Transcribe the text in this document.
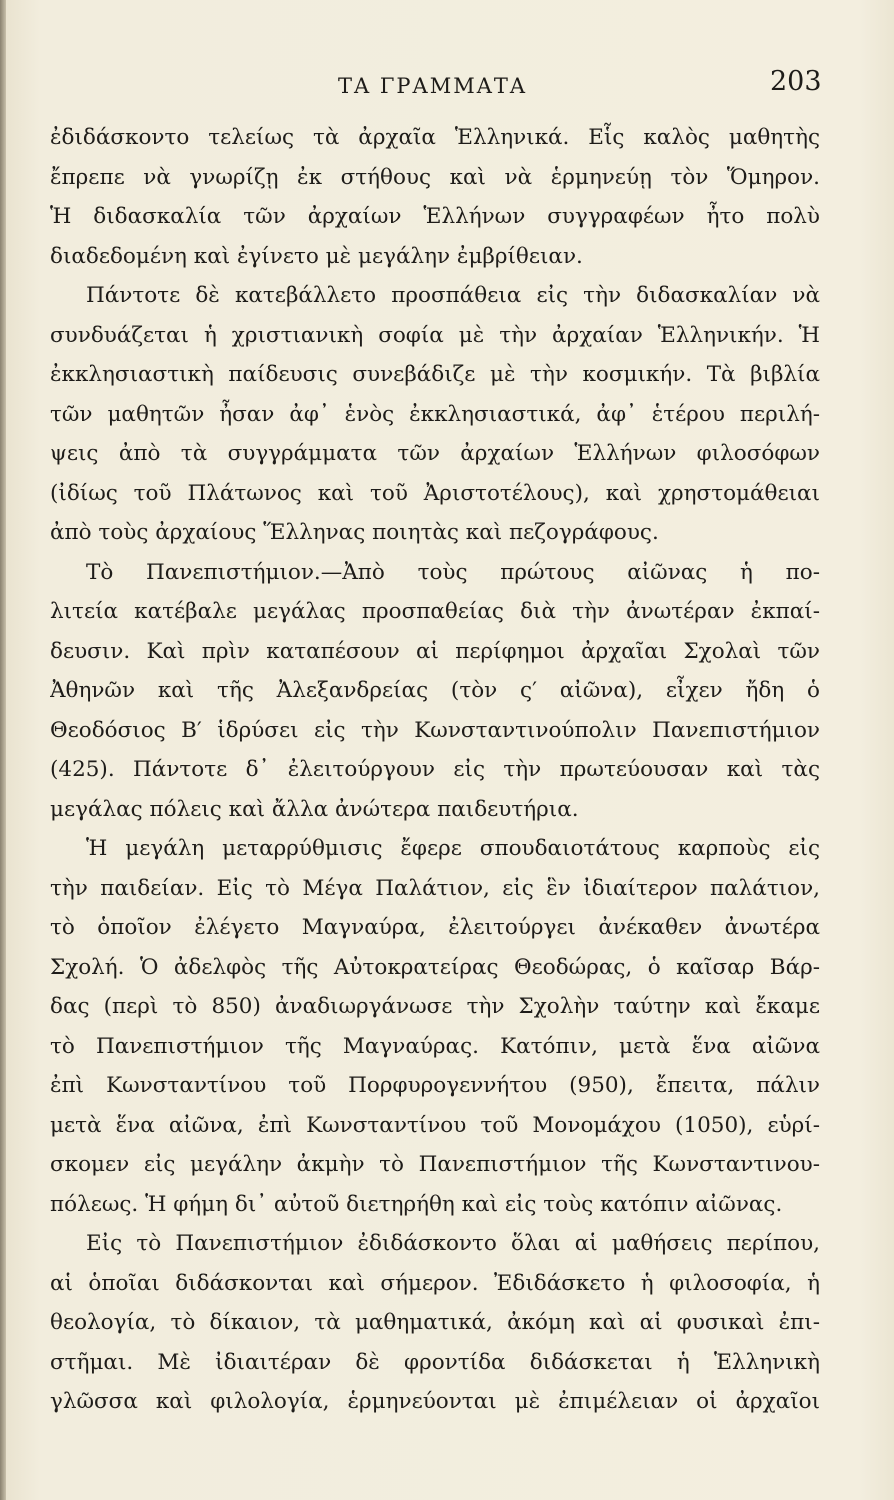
ΤΑ ΓΡΑΜΜΑΤΑ	203
ἐδιδάσκοντο τελείως τὰ ἀρχαῖα Ἑλληνικά. Εἷς καλὸς μαθητὴς
ἔπρεπε νὰ γνωρίζῃ ἐκ στήθους καὶ νὰ ἑρμηνεύῃ τὸν Ὅμηρον.
Ἡ διδασκαλία τῶν ἀρχαίων Ἑλλήνων συγγραφέων ἦτο πολὺ
διαδεδομένη καὶ ἐγίνετο μὲ μεγάλην ἐμβρίθειαν.
Πάντοτε δὲ κατεβάλλετο προσπάθεια εἰς τὴν διδασκαλίαν νὰ
συνδυάζεται ἡ χριστιανικὴ σοφία μὲ τὴν ἀρχαίαν Ἑλληνικήν. Ἡ
ἐκκλησιαστικὴ παίδευσις συνεβάδιζε μὲ τὴν κοσμικήν. Τὰ βιβλία
τῶν μαθητῶν ἦσαν ἀφ᾽ ἑνὸς ἐκκλησιαστικά, ἀφ᾽ ἑτέρου περιλή-
ψεις ἀπὸ τὰ συγγράμματα τῶν ἀρχαίων Ἑλλήνων φιλοσόφων
(ἰδίως τοῦ Πλάτωνος καὶ τοῦ Ἀριστοτέλους), καὶ χρηστομάθειαι
ἀπὸ τοὺς ἀρχαίους Ἕλληνας ποιητὰς καὶ πεζογράφους.
Τὸ Πανεπιστήμιον.—Ἀπὸ τοὺς πρώτους αἰῶνας ἡ πο-
λιτεία κατέβαλε μεγάλας προσπαθείας διὰ τὴν ἀνωτέραν ἐκπαί-
δευσιν. Καὶ πρὶν καταπέσουν αἱ περίφημοι ἀρχαῖαι Σχολαὶ τῶν
Ἀθηνῶν καὶ τῆς Ἀλεξανδρείας (τὸν ς′ αἰῶνα), εἶχεν ἤδη ὁ
Θεοδόσιος Β′ ἱδρύσει εἰς τὴν Κωνσταντινούπολιν Πανεπιστήμιον
(425). Πάντοτε δ᾽ ἐλειτούργουν εἰς τὴν πρωτεύουσαν καὶ τὰς
μεγάλας πόλεις καὶ ἄλλα ἀνώτερα παιδευτήρια.
Ἡ μεγάλη μεταρρύθμισις ἔφερε σπουδαιοτάτους καρποὺς εἰς
τὴν παιδείαν. Εἰς τὸ Μέγα Παλάτιον, εἰς ἓν ἰδιαίτερον παλάτιον,
τὸ ὁποῖον ἐλέγετο Μαγναύρα, ἐλειτούργει ἀνέκαθεν ἀνωτέρα
Σχολή. Ὁ ἀδελφὸς τῆς Αὐτοκρατείρας Θεοδώρας, ὁ καῖσαρ Βάρ-
δας (περὶ τὸ 850) ἀναδιωργάνωσε τὴν Σχολὴν ταύτην καὶ ἔκαμε
τὸ Πανεπιστήμιον τῆς Μαγναύρας. Κατόπιν, μετὰ ἕνα αἰῶνα
ἐπὶ Κωνσταντίνου τοῦ Πορφυρογεννήτου (950), ἔπειτα, πάλιν
μετὰ ἕνα αἰῶνα, ἐπὶ Κωνσταντίνου τοῦ Μονομάχου (1050), εὑρί-
σκομεν εἰς μεγάλην ἀκμὴν τὸ Πανεπιστήμιον τῆς Κωνσταντινου-
πόλεως. Ἡ φήμη δι᾽ αὐτοῦ διετηρήθη καὶ εἰς τοὺς κατόπιν αἰῶνας.
Εἰς τὸ Πανεπιστήμιον ἐδιδάσκοντο ὅλαι αἱ μαθήσεις περίπου,
αἱ ὁποῖαι διδάσκονται καὶ σήμερον. Ἐδιδάσκετο ἡ φιλοσοφία, ἡ
θεολογία, τὸ δίκαιον, τὰ μαθηματικά, ἀκόμη καὶ αἱ φυσικαὶ ἐπι-
στῆμαι. Μὲ ἰδιαιτέραν δὲ φροντίδα διδάσκεται ἡ Ἑλληνικὴ
γλῶσσα καὶ φιλολογία, ἑρμηνεύονται μὲ ἐπιμέλειαν οἱ ἀρχαῖοι
